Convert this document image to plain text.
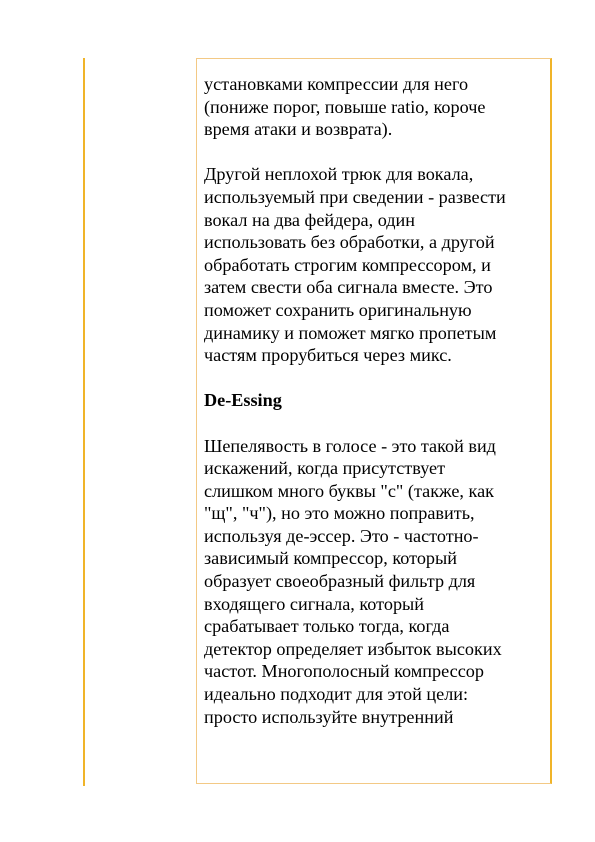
установками компрессии для него
(пониже порог, повыше ratio, короче
время атаки и возврата).
Другой неплохой трюк для вокала,
используемый при сведении - развести
вокал на два фейдера, один
использовать без обработки, а другой
обработать строгим компрессором, и
затем свести оба сигнала вместе. Это
поможет сохранить оригинальную
динамику и поможет мягко пропетым
частям прорубиться через микс.
De-Essing
Шепелявость в голосе - это такой вид
искажений, когда присутствует
слишком много буквы "с" (также, как
"щ", "ч"), но это можно поправить,
используя де-эссер. Это - частотно-
зависимый компрессор, который
образует своеобразный фильтр для
входящего сигнала, который
срабатывает только тогда, когда
детектор определяет избыток высоких
частот. Многополосный компрессор
идеально подходит для этой цели:
просто используйте внутренний
